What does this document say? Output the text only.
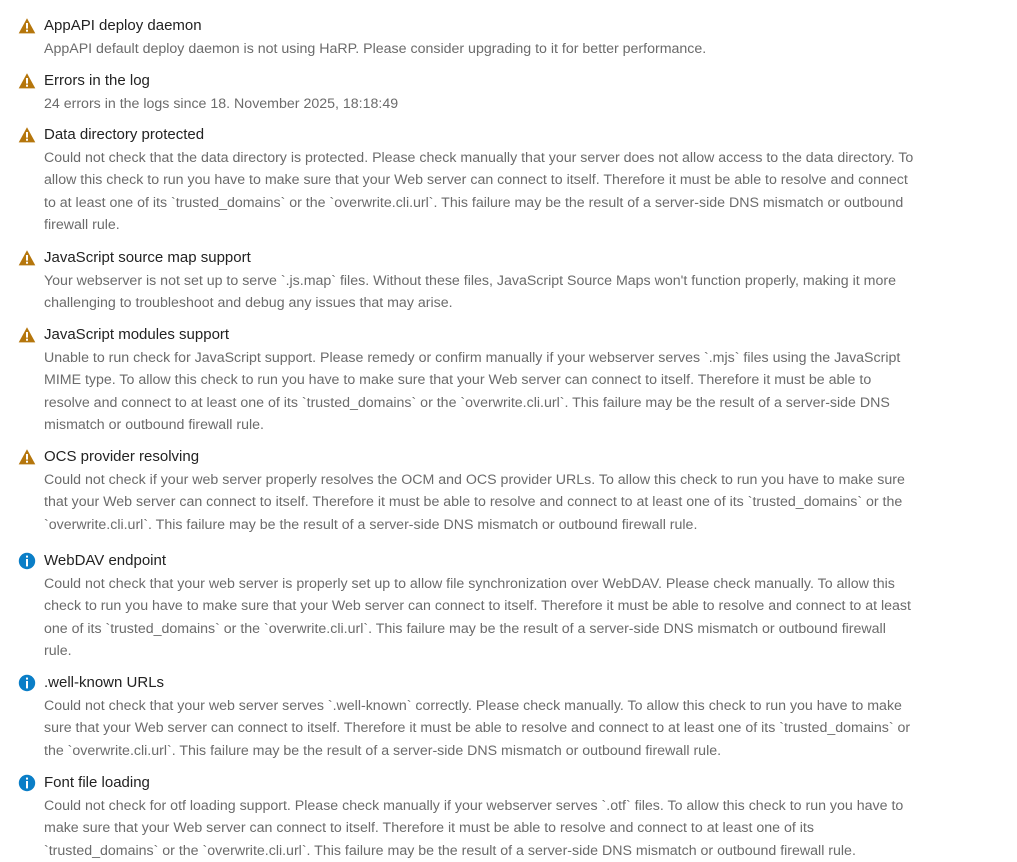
AppAPI deploy daemon
AppAPI default deploy daemon is not using HaRP. Please consider upgrading to it for better performance.
Errors in the log
24 errors in the logs since 18. November 2025, 18:18:49
Data directory protected
Could not check that the data directory is protected. Please check manually that your server does not allow access to the data directory. To allow this check to run you have to make sure that your Web server can connect to itself. Therefore it must be able to resolve and connect to at least one of its `trusted_domains` or the `overwrite.cli.url`. This failure may be the result of a server-side DNS mismatch or outbound firewall rule.
JavaScript source map support
Your webserver is not set up to serve `.js.map` files. Without these files, JavaScript Source Maps won't function properly, making it more challenging to troubleshoot and debug any issues that may arise.
JavaScript modules support
Unable to run check for JavaScript support. Please remedy or confirm manually if your webserver serves `.mjs` files using the JavaScript MIME type. To allow this check to run you have to make sure that your Web server can connect to itself. Therefore it must be able to resolve and connect to at least one of its `trusted_domains` or the `overwrite.cli.url`. This failure may be the result of a server-side DNS mismatch or outbound firewall rule.
OCS provider resolving
Could not check if your web server properly resolves the OCM and OCS provider URLs. To allow this check to run you have to make sure that your Web server can connect to itself. Therefore it must be able to resolve and connect to at least one of its `trusted_domains` or the `overwrite.cli.url`. This failure may be the result of a server-side DNS mismatch or outbound firewall rule.
WebDAV endpoint
Could not check that your web server is properly set up to allow file synchronization over WebDAV. Please check manually. To allow this check to run you have to make sure that your Web server can connect to itself. Therefore it must be able to resolve and connect to at least one of its `trusted_domains` or the `overwrite.cli.url`. This failure may be the result of a server-side DNS mismatch or outbound firewall rule.
.well-known URLs
Could not check that your web server serves `.well-known` correctly. Please check manually. To allow this check to run you have to make sure that your Web server can connect to itself. Therefore it must be able to resolve and connect to at least one of its `trusted_domains` or the `overwrite.cli.url`. This failure may be the result of a server-side DNS mismatch or outbound firewall rule.
Font file loading
Could not check for otf loading support. Please check manually if your webserver serves `.otf` files. To allow this check to run you have to make sure that your Web server can connect to itself. Therefore it must be able to resolve and connect to at least one of its `trusted_domains` or the `overwrite.cli.url`. This failure may be the result of a server-side DNS mismatch or outbound firewall rule.
